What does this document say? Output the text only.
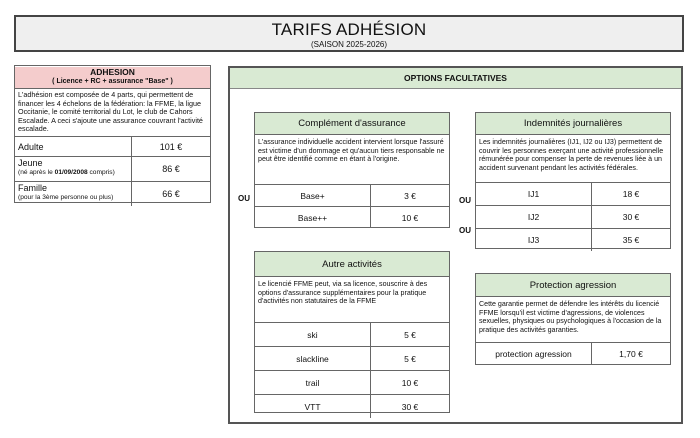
TARIFS ADHÉSION
(SAISON 2025-2026)
ADHESION
( Licence + RC + assurance "Base" )
L'adhésion est composée de 4 parts, qui permettent de financer les 4 échelons de la fédération: la FFME, la ligue Occitanie, le comité territorial du Lot, le club de Cahors Escalade. A ceci s'ajoute une assurance couvrant l'activité escalade.
Adulte	101 €
Jeune
(né après le 01/09/2008 compris)	86 €
Famille
(pour la 3ème personne ou plus)	66 €
OPTIONS FACULTATIVES
Complément d'assurance
L'assurance individuelle accident intervient lorsque l'assuré est victime d'un dommage et qu'aucun tiers responsable ne peut être identifié comme en étant à l'origine.
Base+	3 €
Base++	10 €
OU
Indemnités journalières
Les indemnités journalières (IJ1, IJ2 ou IJ3) permettent de couvrir les personnes exerçant une activité professionnelle rémunérée pour compenser la perte de revenues liée à un accident survenant pendant les activités fédérales.
IJ1	18 €
IJ2	30 €
IJ3	35 €
OU
OU
Autre activités
Le licencié FFME peut, via sa licence, souscrire à des options d'assurance supplémentaires pour la pratique d'activités non statutaires de la FFME
ski	5 €
slackline	5 €
trail	10 €
VTT	30 €
Protection agression
Cette garantie permet de défendre les intérêts du licencié FFME lorsqu'il est victime d'agressions, de violences sexuelles, physiques ou psychologiques à l'occasion de la pratique des activités garanties.
protection agression	1,70 €
